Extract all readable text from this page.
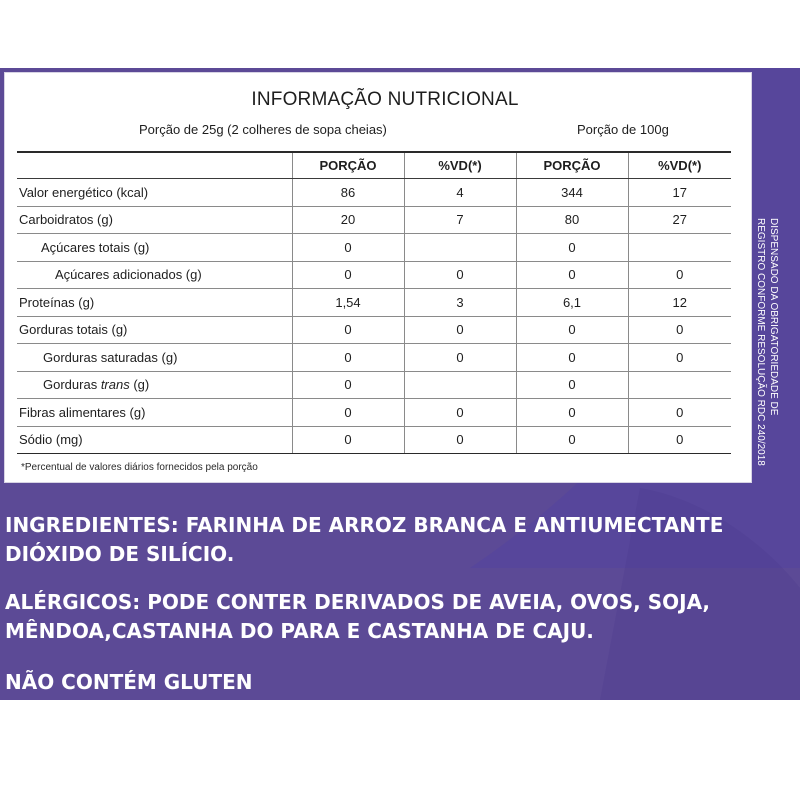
INFORMAÇÃO NUTRICIONAL
Porção de 25g (2 colheres de sopa cheias)	Porção de 100g
	PORÇÃO	%VD(*)	PORÇÃO	%VD(*)
Valor energético (kcal)	86	4	344	17
Carboidratos (g)	20	7	80	27
Açúcares totais (g)	0		0	
Açúcares adicionados (g)	0	0	0	0
Proteínas (g)	1,54	3	6,1	12
Gorduras totais (g)	0	0	0	0
Gorduras saturadas (g)	0	0	0	0
Gorduras trans (g)	0		0	
Fibras alimentares (g)	0	0	0	0
Sódio (mg)	0	0	0	0
*Percentual de valores diários fornecidos pela porção
DISPENSADO DA OBRIGATORIEDADE DE
REGISTRO CONFORME RESOLUÇÃO RDC 240/2018
INGREDIENTES: FARINHA DE ARROZ BRANCA E ANTIUMECTANTE DIÓXIDO DE SILÍCIO.
ALÉRGICOS: PODE CONTER DERIVADOS DE AVEIA, OVOS, SOJA, MÊNDOA,CASTANHA DO PARA E CASTANHA DE CAJU.
NÃO CONTÉM GLUTEN
